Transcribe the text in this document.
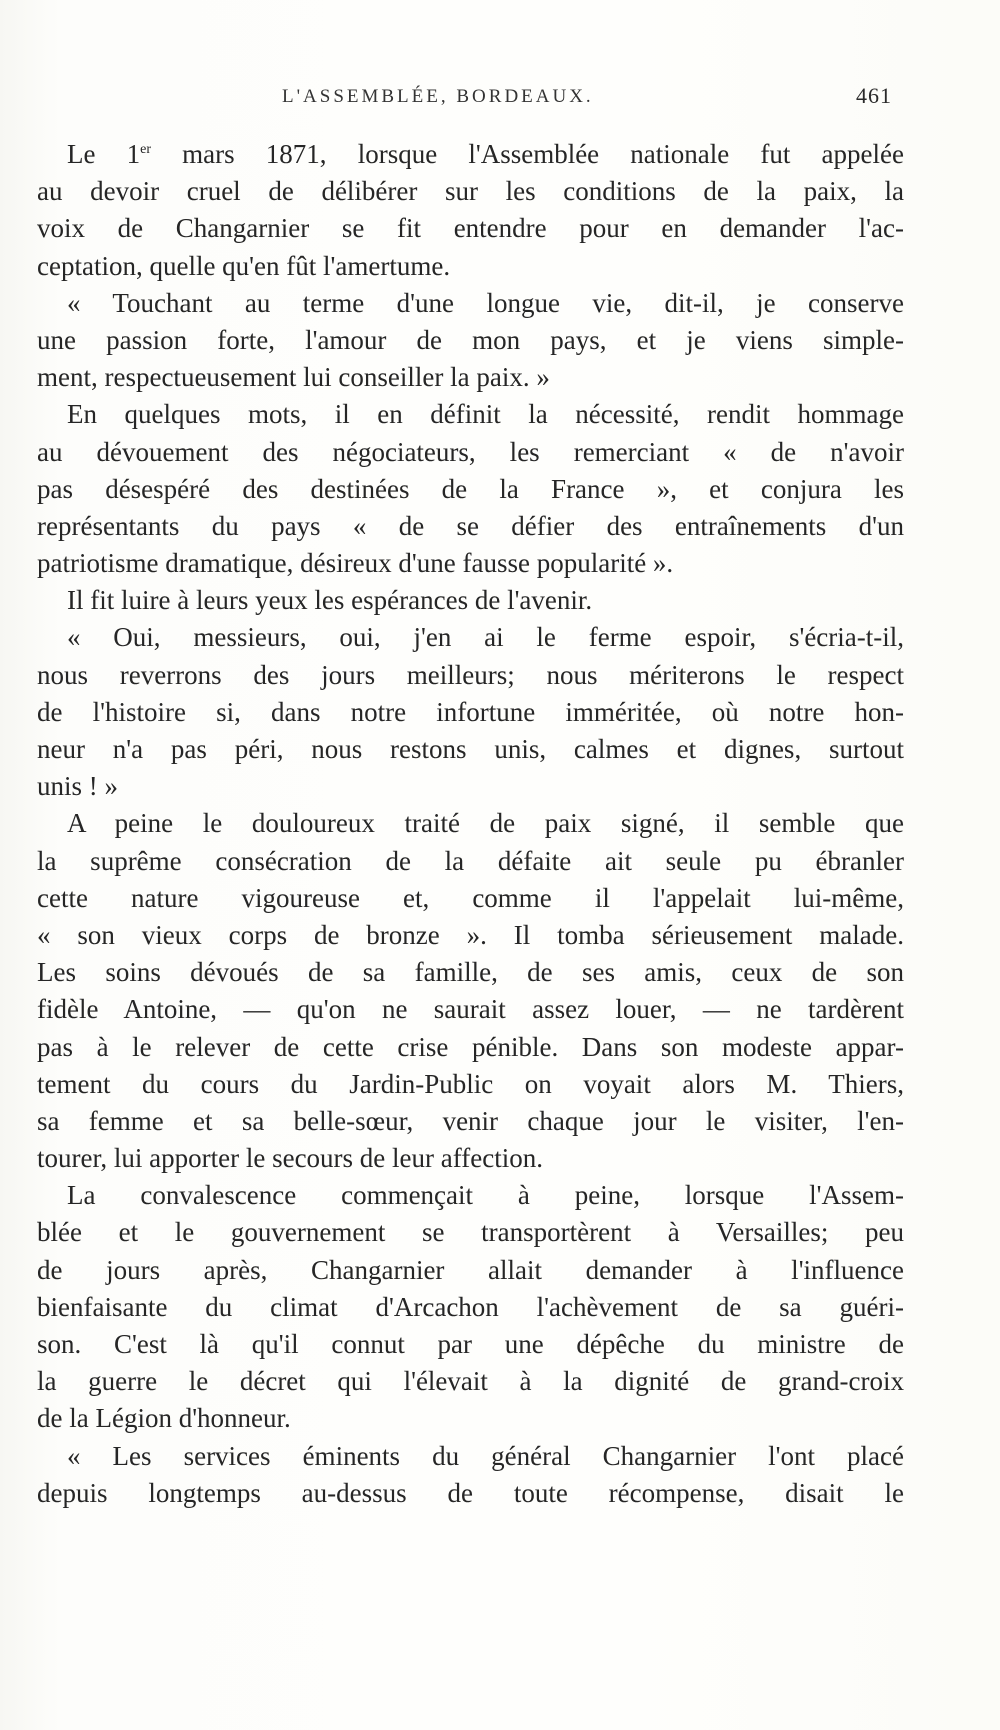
L'ASSEMBLÉE, BORDEAUX.	461
Le 1er mars 1871, lorsque l'Assemblée nationale fut appelée
au devoir cruel de délibérer sur les conditions de la paix, la
voix de Changarnier se fit entendre pour en demander l'ac-
ceptation, quelle qu'en fût l'amertume.
« Touchant au terme d'une longue vie, dit-il, je conserve
une passion forte, l'amour de mon pays, et je viens simple-
ment, respectueusement lui conseiller la paix. »
En quelques mots, il en définit la nécessité, rendit hommage
au dévouement des négociateurs, les remerciant « de n'avoir
pas désespéré des destinées de la France », et conjura les
représentants du pays « de se défier des entraînements d'un
patriotisme dramatique, désireux d'une fausse popularité ».
Il fit luire à leurs yeux les espérances de l'avenir.
« Oui, messieurs, oui, j'en ai le ferme espoir, s'écria-t-il,
nous reverrons des jours meilleurs; nous mériterons le respect
de l'histoire si, dans notre infortune imméritée, où notre hon-
neur n'a pas péri, nous restons unis, calmes et dignes, surtout
unis ! »
A peine le douloureux traité de paix signé, il semble que
la suprême consécration de la défaite ait seule pu ébranler
cette nature vigoureuse et, comme il l'appelait lui-même,
« son vieux corps de bronze ». Il tomba sérieusement malade.
Les soins dévoués de sa famille, de ses amis, ceux de son
fidèle Antoine, — qu'on ne saurait assez louer, — ne tardèrent
pas à le relever de cette crise pénible. Dans son modeste appar-
tement du cours du Jardin-Public on voyait alors M. Thiers,
sa femme et sa belle-sœur, venir chaque jour le visiter, l'en-
tourer, lui apporter le secours de leur affection.
La convalescence commençait à peine, lorsque l'Assem-
blée et le gouvernement se transportèrent à Versailles; peu
de jours après, Changarnier allait demander à l'influence
bienfaisante du climat d'Arcachon l'achèvement de sa guéri-
son. C'est là qu'il connut par une dépêche du ministre de
la guerre le décret qui l'élevait à la dignité de grand-croix
de la Légion d'honneur.
« Les services éminents du général Changarnier l'ont placé
depuis longtemps au-dessus de toute récompense, disait le
